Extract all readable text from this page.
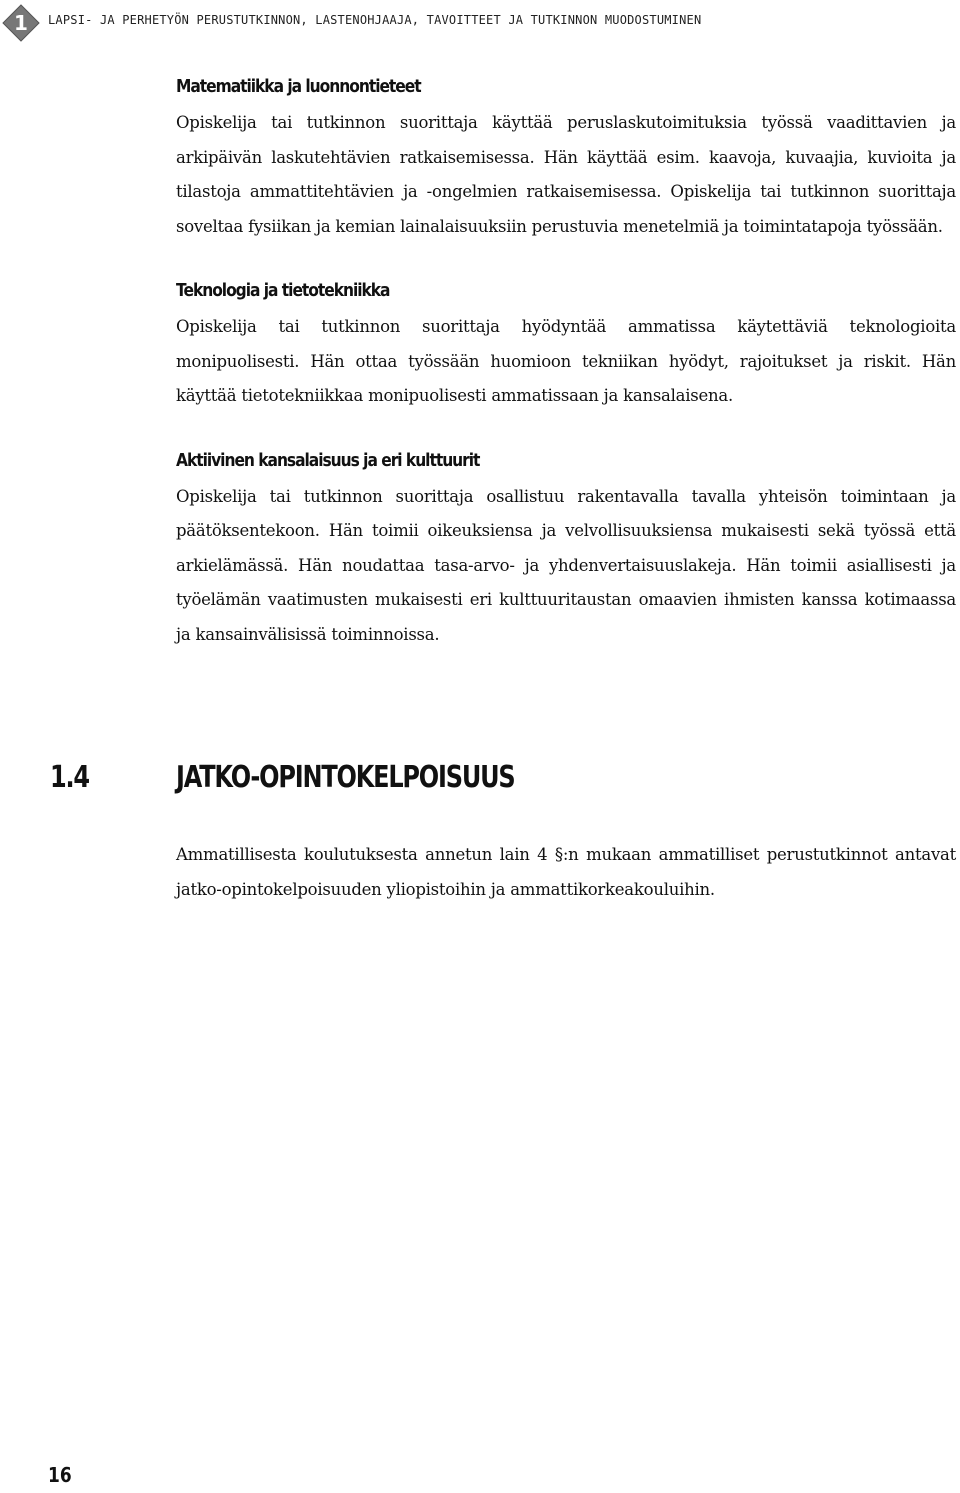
1 LAPSI- JA PERHETYÖN PERUSTUTKINNON, LASTENOHJAAJA, TAVOITTEET JA TUTKINNON MUODOSTUMINEN
Matematiikka ja luonnontieteet

Opiskelija tai tutkinnon suorittaja käyttää peruslaskutoimituksia työssä vaadittavien ja arkipäivän laskutehtävien ratkaisemisessa. Hän käyttää esim. kaavoja, kuvaajia, kuvioita ja tilastoja ammattitehtävien ja -ongelmien ratkaisemisessa. Opiskelija tai tutkinnon suorittaja soveltaa fysiikan ja kemian lainalaisuuksiin perustuvia menetelmiä ja toimintatapoja työssään.

Teknologia ja tietotekniikka

Opiskelija tai tutkinnon suorittaja hyödyntää ammatissa käytettäviä teknologioita monipuolisesti. Hän ottaa työssään huomioon tekniikan hyödyt, rajoitukset ja riskit. Hän käyttää tietotekniikkaa monipuolisesti ammatissaan ja kansalaisena.

Aktiivinen kansalaisuus ja eri kulttuurit

Opiskelija tai tutkinnon suorittaja osallistuu rakentavalla tavalla yhteisön toimintaan ja päätöksentekoon. Hän toimii oikeuksiensa ja velvollisuuksiensa mukaisesti sekä työssä että arkielämässä. Hän noudattaa tasa-arvo- ja yhdenvertaisuuslakeja. Hän toimii asiallisesti ja työelämän vaatimusten mukaisesti eri kulttuuritaustan omaavien ihmisten kanssa kotimaassa ja kansainvälisissä toiminnoissa.

1.4	JATKO-OPINTOKELPOISUUS

Ammatillisesta koulutuksesta annetun lain 4 §:n mukaan ammatilliset perustutkinnot antavat jatko-opintokelpoisuuden yliopistoihin ja ammattikorkeakouluihin.

16
